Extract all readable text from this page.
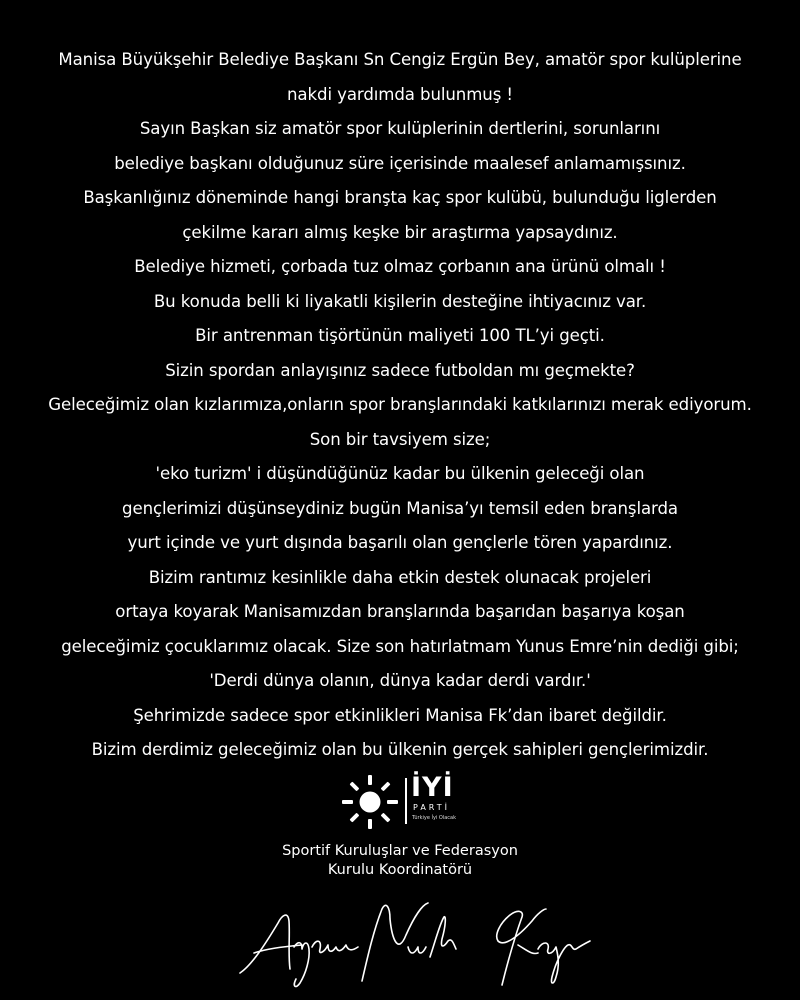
Manisa Büyükşehir Belediye Başkanı Sn Cengiz Ergün Bey, amatör spor kulüplerine
nakdi yardımda bulunmuş !
Sayın Başkan siz amatör spor kulüplerinin dertlerini, sorunlarını
belediye başkanı olduğunuz süre içerisinde maalesef anlamamışsınız.
Başkanlığınız döneminde hangi branşta kaç spor kulübü, bulunduğu liglerden
çekilme kararı almış keşke bir araştırma yapsaydınız.
Belediye hizmeti, çorbada tuz olmaz çorbanın ana ürünü olmalı !
Bu konuda belli ki liyakatli kişilerin desteğine ihtiyacınız var.
Bir antrenman tişörtünün maliyeti 100 TL’yi geçti.
Sizin spordan anlayışınız sadece futboldan mı geçmekte?
Geleceğimiz olan kızlarımıza,onların spor branşlarındaki katkılarınızı merak ediyorum.
Son bir tavsiyem size;
'eko turizm' i düşündüğünüz kadar bu ülkenin geleceği olan
gençlerimizi düşünseydiniz bugün Manisa’yı temsil eden branşlarda
yurt içinde ve yurt dışında başarılı olan gençlerle tören yapardınız.
Bizim rantımız kesinlikle daha etkin destek olunacak projeleri
ortaya koyarak Manisamızdan branşlarında başarıdan başarıya koşan
geleceğimiz çocuklarımız olacak. Size son hatırlatmam Yunus Emre’nin dediği gibi;
'Derdi dünya olanın, dünya kadar derdi vardır.'
Şehrimizde sadece spor etkinlikleri Manisa Fk’dan ibaret değildir.
Bizim derdimiz geleceğimiz olan bu ülkenin gerçek sahipleri gençlerimizdir.
İYİ
PARTİ
Türkiye İyi Olacak
Sportif Kuruluşlar ve Federasyon
Kurulu Koordinatörü
